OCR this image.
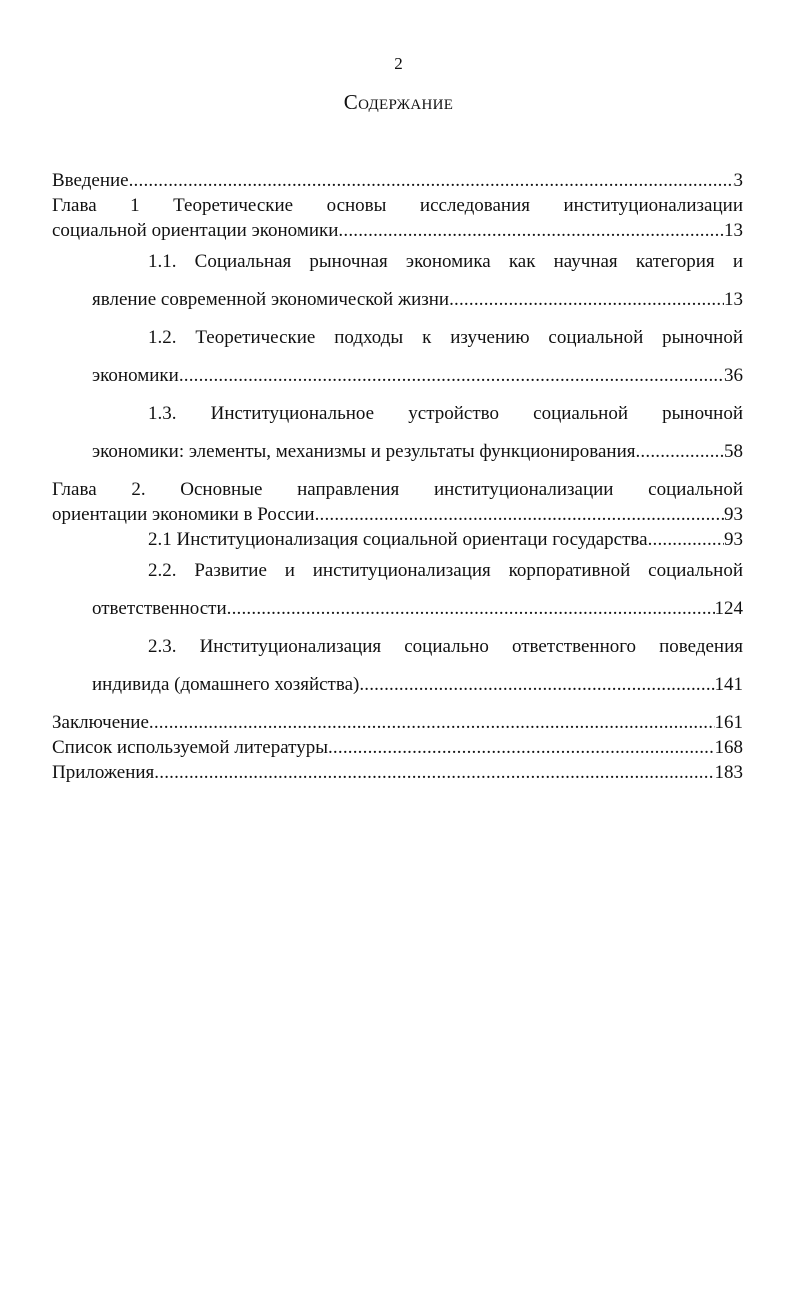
2
Содержание
Введение .....	3
Глава 1 Теоретические основы исследования институционализации
социальной ориентации экономики .....	13
1.1. Социальная рыночная экономика как научная категория и
явление современной экономической жизни .....	13
1.2. Теоретические подходы к изучению социальной рыночной
экономики .....	36
1.3. Институциональное устройство социальной рыночной
экономики: элементы, механизмы и результаты функционирования .....	58
Глава 2. Основные направления институционализации социальной
ориентации экономики в России .....	93
2.1 Институционализация социальной ориентаци государства .....	93
2.2. Развитие и институционализация корпоративной социальной
ответственности .....	124
2.3. Институционализация социально ответственного поведения
индивида (домашнего хозяйства) .....	141
Заключение .....	161
Список используемой литературы .....	168
Приложения .....	183
